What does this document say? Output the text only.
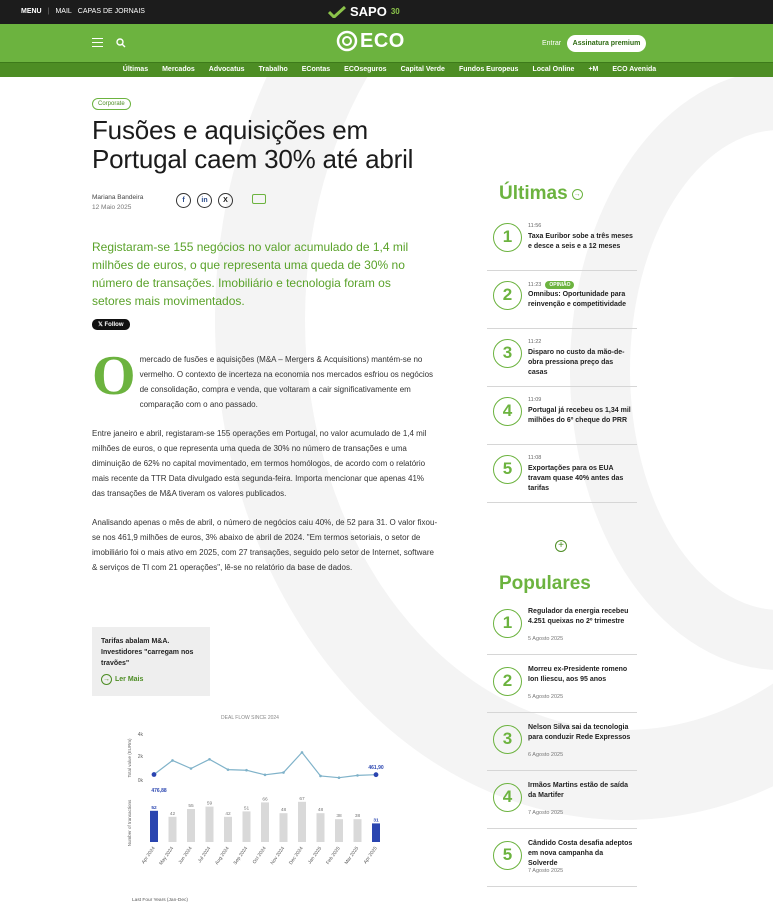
MENU | MAIL CAPAS DE JORNAIS	SAPO 30
ECO	Entrar	Assinatura premium
Últimas	Mercados	Advocatus	Trabalho	EContas	ECOseguros	Capital Verde	Fundos Europeus	Local Online	+M	ECO Avenida
Corporate
Fusões e aquisições em Portugal caem 30% até abril
Mariana Bandeira
12 Maio 2025
f	in	X

Registaram-se 155 negócios no valor acumulado de 1,4 mil milhões de euros, o que representa uma queda de 30% no número de transações. Imobiliário e tecnologia foram os setores mais movimentados.

𝕏 Follow

Omercado de fusões e aquisições (M&A – Mergers & Acquisitions) mantém-se no vermelho. O contexto de incerteza na economia nos mercados esfriou os negócios de consolidação, compra e venda, que voltaram a cair significativamente em comparação com o ano passado.

Entre janeiro e abril, registaram-se 155 operações em Portugal, no valor acumulado de 1,4 mil milhões de euros, o que representa uma queda de 30% no número de transações e uma diminuição de 62% no capital movimentado, em termos homólogos, de acordo com o relatório mais recente da TTR Data divulgado esta segunda-feira. Importa mencionar que apenas 41% das transações de M&A tiveram os valores publicados.

Analisando apenas o mês de abril, o número de negócios caiu 40%, de 52 para 31. O valor fixou-se nos 461,9 milhões de euros, 3% abaixo de abril de 2024. "Em termos setoriais, o setor de imobiliário foi o mais ativo em 2025, com 27 transações, seguido pelo setor de Internet, software & serviços de TI com 21 operações", lê-se no relatório da base de dados.

Tarifas abalam M&A. Investidores "carregam nos travões"
→ Ler Mais
DEAL FLOW SINCE 2024
4k
2k
0k
Total value (EURm)
476,88
461,90
Number of transactions	52
Apr 2024
42
May 2024
55
Jun 2024
59
Jul 2024
42
Aug 2024
51
Sep 2024
66
Oct 2024
48
Nov 2024
67
Dec 2024
48
Jan 2025
38
Feb 2025
38
Mar 2025
31
Apr 2025
Last Four Years (Jan-Dec)
Últimas →
1
11:56
Taxa Euribor sobe a três meses e desce a seis e a 12 meses
2	11:23 OPINIÃO
Omnibus: Oportunidade para reinvenção e competitividade
3
11:22
Disparo no custo da mão-de-obra pressiona preço das casas
4
11:09
Portugal já recebeu os 1,34 mil milhões do 6º cheque do PRR
5
11:08
Exportações para os EUA travam quase 40% antes das tarifas
Populares
1
Regulador da energia recebeu 4.251 queixas no 2º trimestre
5 Agosto 2025
2
Morreu ex-Presidente romeno Ion Iliescu, aos 95 anos
5 Agosto 2025
3
Nelson Silva sai da tecnologia para conduzir Rede Expressos
6 Agosto 2025
4
Irmãos Martins estão de saída da Martifer
7 Agosto 2025
5
Cândido Costa desafia adeptos em nova campanha da Solverde
7 Agosto 2025
+
